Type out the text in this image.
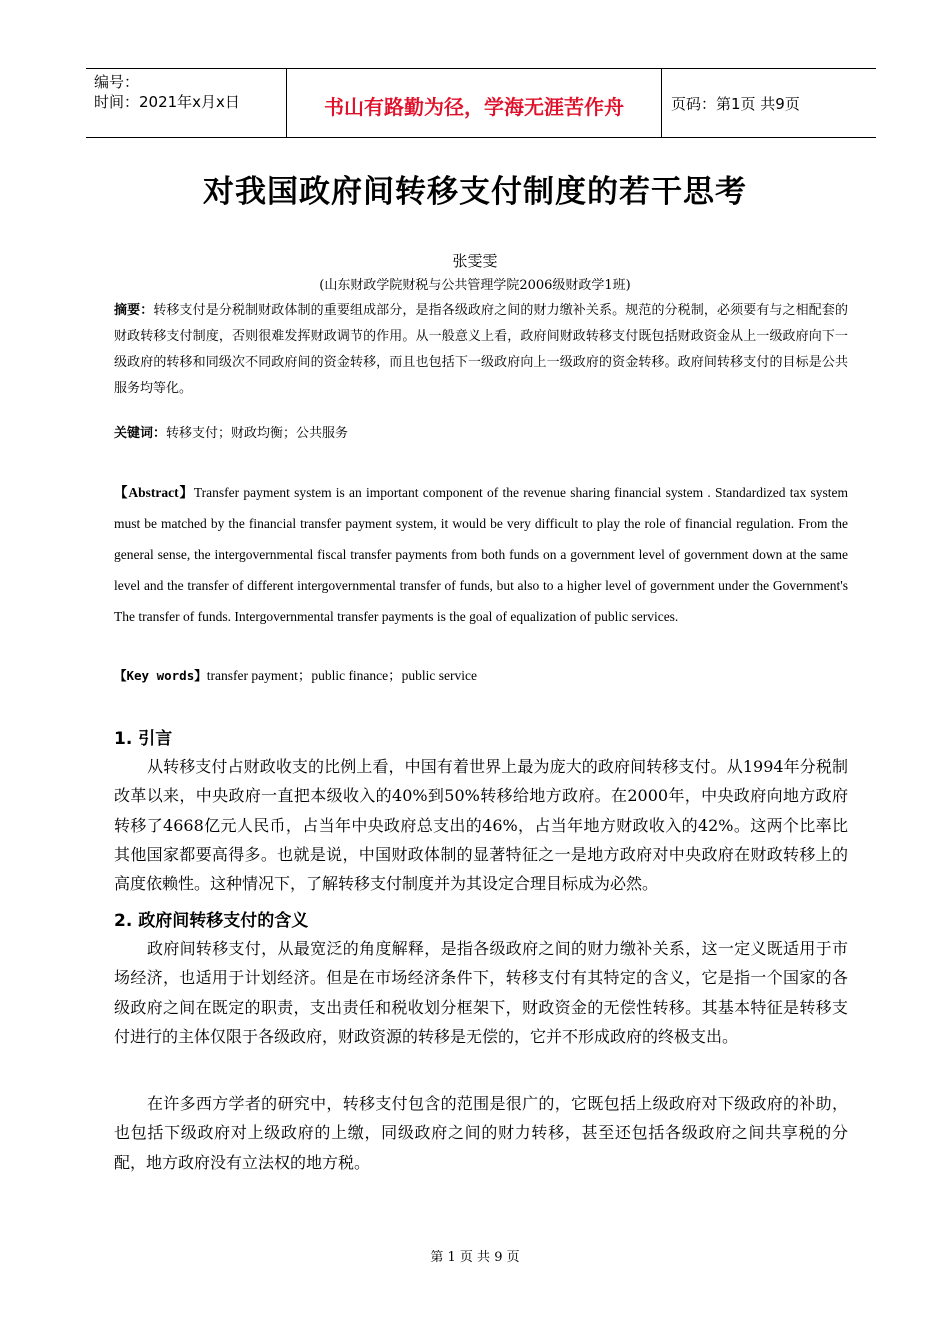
编号：
时间：2021年x月x日	书山有路勤为径，学海无涯苦作舟	页码：第1页 共9页
对我国政府间转移支付制度的若干思考
张雯雯
(山东财政学院财税与公共管理学院2006级财政学1班)
摘要：转移支付是分税制财政体制的重要组成部分，是指各级政府之间的财力缴补关系。规范的分税制，必须要有与之相配套的财政转移支付制度，否则很难发挥财政调节的作用。从一般意义上看，政府间财政转移支付既包括财政资金从上一级政府向下一级政府的转移和同级次不同政府间的资金转移，而且也包括下一级政府向上一级政府的资金转移。政府间转移支付的目标是公共服务均等化。
关键词：转移支付；财政均衡；公共服务
【Abstract】Transfer payment system is an important component of the revenue sharing financial system . Standardized tax system must be matched by the financial transfer payment system, it would be very difficult to play the role of financial regulation. From the general sense, the intergovernmental fiscal transfer payments from both funds on a government level of government down at the same level and the transfer of different intergovernmental transfer of funds, but also to a higher level of government under the Government's The transfer of funds. Intergovernmental transfer payments is the goal of equalization of public services.
【Key words】transfer payment；public finance；public service
1. 引言
从转移支付占财政收支的比例上看，中国有着世界上最为庞大的政府间转移支付。从1994年分税制改革以来，中央政府一直把本级收入的40%到50%转移给地方政府。在2000年，中央政府向地方政府转移了4668亿元人民币，占当年中央政府总支出的46%，占当年地方财政收入的42%。这两个比率比其他国家都要高得多。也就是说，中国财政体制的显著特征之一是地方政府对中央政府在财政转移上的高度依赖性。这种情况下，了解转移支付制度并为其设定合理目标成为必然。
2. 政府间转移支付的含义
政府间转移支付，从最宽泛的角度解释，是指各级政府之间的财力缴补关系，这一定义既适用于市场经济，也适用于计划经济。但是在市场经济条件下，转移支付有其特定的含义，它是指一个国家的各级政府之间在既定的职责，支出责任和税收划分框架下，财政资金的无偿性转移。其基本特征是转移支付进行的主体仅限于各级政府，财政资源的转移是无偿的，它并不形成政府的终极支出。
在许多西方学者的研究中，转移支付包含的范围是很广的，它既包括上级政府对下级政府的补助，也包括下级政府对上级政府的上缴，同级政府之间的财力转移，甚至还包括各级政府之间共享税的分配，地方政府没有立法权的地方税。
第 1 页 共 9 页
